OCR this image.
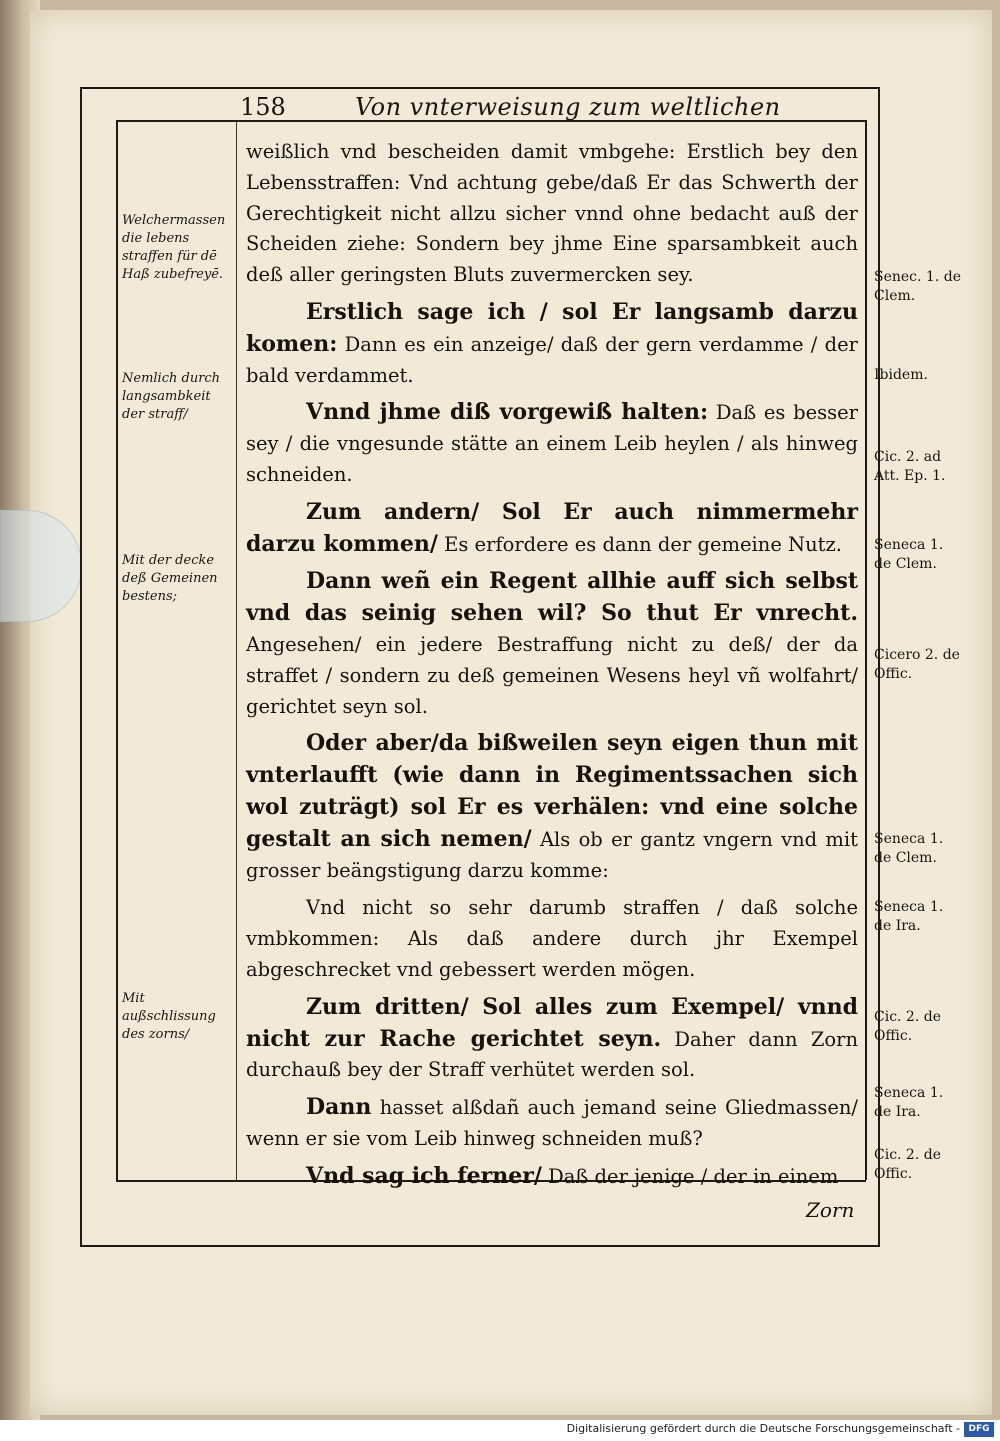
158	Von vnterweisung zum weltlichen

weißlich vnd bescheiden damit vmbgehe: Erstlich bey den Lebensstraffen: Vnd achtung gebe/daß Er das Schwerth der Gerechtigkeit nicht allzu sicher vnnd ohne bedacht auß der Scheiden ziehe: Sondern bey jhme Eine sparsambkeit auch deß aller geringsten Bluts zuvermercken sey.

Erstlich sage ich / sol Er langsamb darzu komen: Dann es ein anzeige/ daß der gern verdamme / der bald verdammet.

Vnnd jhme diß vorgewiß halten: Daß es besser sey / die vngesunde stätte an einem Leib heylen / als hinweg schneiden.

Zum andern/ Sol Er auch nimmermehr darzu kommen/ Es erfordere es dann der gemeine Nutz.

Dann weñ ein Regent allhie auff sich selbst vnd das seinig sehen wil? So thut Er vnrecht. Angesehen/ ein jedere Bestraffung nicht zu deß/ der da straffet / sondern zu deß gemeinen Wesens heyl vñ wolfahrt/ gerichtet seyn sol.

Oder aber/da bißweilen seyn eigen thun mit vnterlaufft (wie dann in Regimentssachen sich wol zuträgt) sol Er es verhälen: vnd eine solche gestalt an sich nemen/ Als ob er gantz vngern vnd mit grosser beängstigung darzu komme:

Vnd nicht so sehr darumb straffen / daß solche vmbkommen: Als daß andere durch jhr Exempel abgeschrecket vnd gebessert werden mögen.

Zum dritten/ Sol alles zum Exempel/ vnnd nicht zur Rache gerichtet seyn. Daher dann Zorn durchauß bey der Straff verhütet werden sol.

Dann hasset alßdañ auch jemand seine Gliedmassen/ wenn er sie vom Leib hinweg schneiden muß?

Vnd sag ich ferner/ Daß der jenige / der in einem

Welchermassen die lebens straffen für dē Haß zubefreyē.
Nemlich durch langsambkeit der straff/
Mit der decke deß Gemeinen bestens;
Mit außschlissung des zorns/
Senec. 1. de Clem.
Ibidem.
Cic. 2. ad Att. Ep. 1.
Seneca 1. de Clem.
Cicero 2. de Offic.
Seneca 1. de Clem.
Seneca 1. de Ira.
Cic. 2. de Offic.
Seneca 1. de Ira.
Cic. 2. de Offic.
Zorn
Digitalisierung gefördert durch die Deutsche Forschungsgemeinschaft - DFG
